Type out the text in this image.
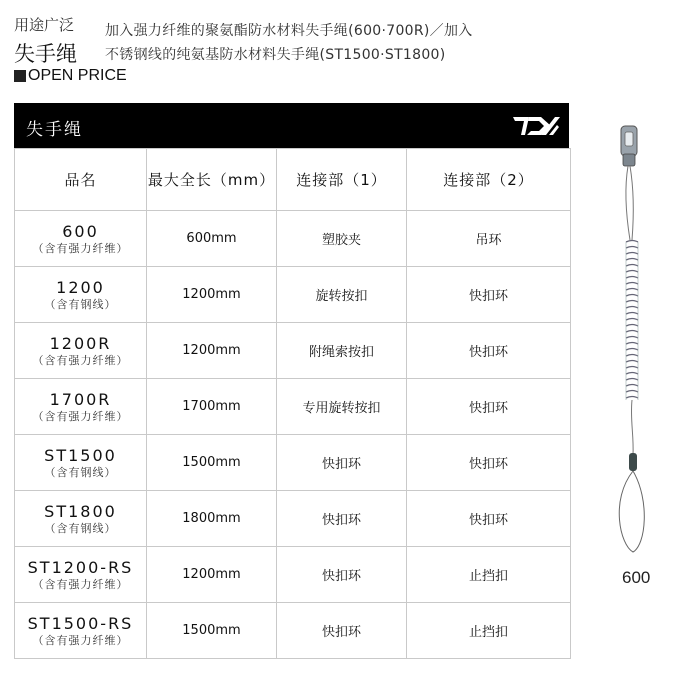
用途广泛
失手绳
加入强力纤维的聚氨酯防水材料失手绳(600·700R)／加入
不锈钢线的纯氨基防水材料失手绳(ST1500·ST1800)
OPEN PRICE
失手绳
品名	最大全长（mm）	连接部（1）	连接部（2）

600
（含有强力纤维）	600mm	塑胶夹	吊环

1200
（含有钢线）	1200mm	旋转按扣	快扣环

1200R
（含有强力纤维）	1200mm	附绳索按扣	快扣环

1700R
（含有强力纤维）	1700mm	专用旋转按扣	快扣环

ST1500
（含有钢线）	1500mm	快扣环	快扣环

ST1800
（含有钢线）	1800mm	快扣环	快扣环

ST1200-RS
（含有强力纤维）	1200mm	快扣环	止挡扣

ST1500-RS
（含有强力纤维）	1500mm	快扣环	止挡扣
600
